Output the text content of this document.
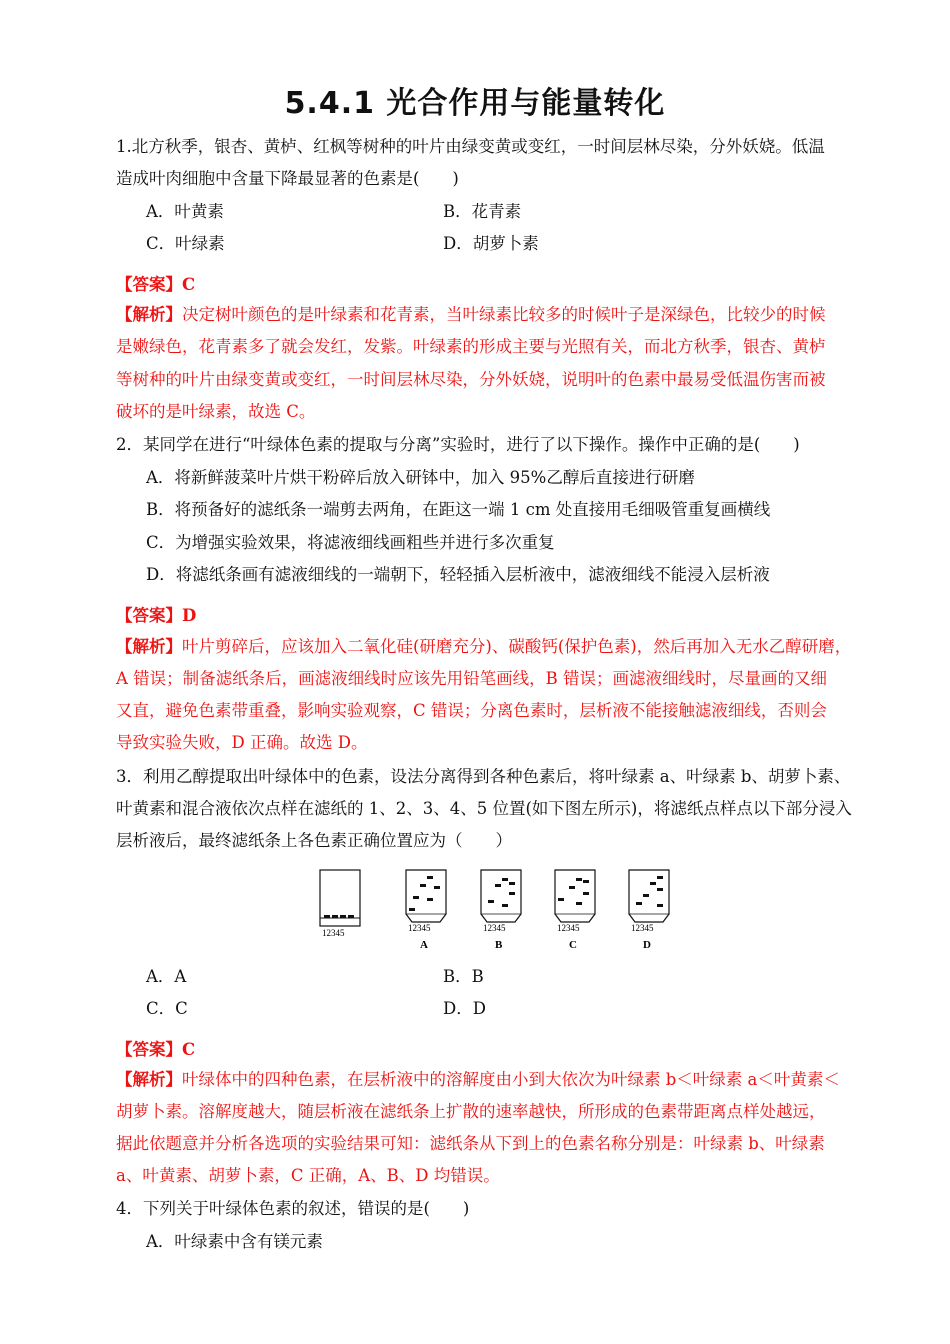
5.4.1 光合作用与能量转化
1.北方秋季，银杏、黄栌、红枫等树种的叶片由绿变黄或变红，一时间层林尽染，分外妖娆。低温
造成叶肉细胞中含量下降最显著的色素是(　　)
A．叶黄素	B．花青素
C．叶绿素	D．胡萝卜素
【答案】C
【解析】决定树叶颜色的是叶绿素和花青素，当叶绿素比较多的时候叶子是深绿色，比较少的时候
是嫩绿色，花青素多了就会发红，发紫。叶绿素的形成主要与光照有关，而北方秋季，银杏、黄栌
等树种的叶片由绿变黄或变红，一时间层林尽染，分外妖娆，说明叶的色素中最易受低温伤害而被
破坏的是叶绿素，故选 C。
2．某同学在进行“叶绿体色素的提取与分离”实验时，进行了以下操作。操作中正确的是(　　)
A．将新鲜菠菜叶片烘干粉碎后放入研钵中，加入 95%乙醇后直接进行研磨
B．将预备好的滤纸条一端剪去两角，在距这一端 1 cm 处直接用毛细吸管重复画横线
C．为增强实验效果，将滤液细线画粗些并进行多次重复
D．将滤纸条画有滤液细线的一端朝下，轻轻插入层析液中，滤液细线不能浸入层析液
【答案】D
【解析】叶片剪碎后，应该加入二氧化硅(研磨充分)、碳酸钙(保护色素)，然后再加入无水乙醇研磨，
A 错误；制备滤纸条后，画滤液细线时应该先用铅笔画线，B 错误；画滤液细线时，尽量画的又细
又直，避免色素带重叠，影响实验观察，C 错误；分离色素时，层析液不能接触滤液细线，否则会
导致实验失败，D 正确。故选 D。
3．利用乙醇提取出叶绿体中的色素，设法分离得到各种色素后，将叶绿素 a、叶绿素 b、胡萝卜素、
叶黄素和混合液依次点样在滤纸的 1、2、3、4、5 位置(如下图左所示)，将滤纸点样点以下部分浸入
层析液后，最终滤纸条上各色素正确位置应为（　　）
12345	12345
A
12345
B
12345
C
12345
D
A．A	B．B
C．C	D．D
【答案】C
【解析】叶绿体中的四种色素，在层析液中的溶解度由小到大依次为叶绿素 b＜叶绿素 a＜叶黄素＜
胡萝卜素。溶解度越大，随层析液在滤纸条上扩散的速率越快，所形成的色素带距离点样处越远，
据此依题意并分析各选项的实验结果可知：滤纸条从下到上的色素名称分别是：叶绿素 b、叶绿素
a、叶黄素、胡萝卜素，C 正确，A、B、D 均错误。
4．下列关于叶绿体色素的叙述，错误的是(　　)
A．叶绿素中含有镁元素
